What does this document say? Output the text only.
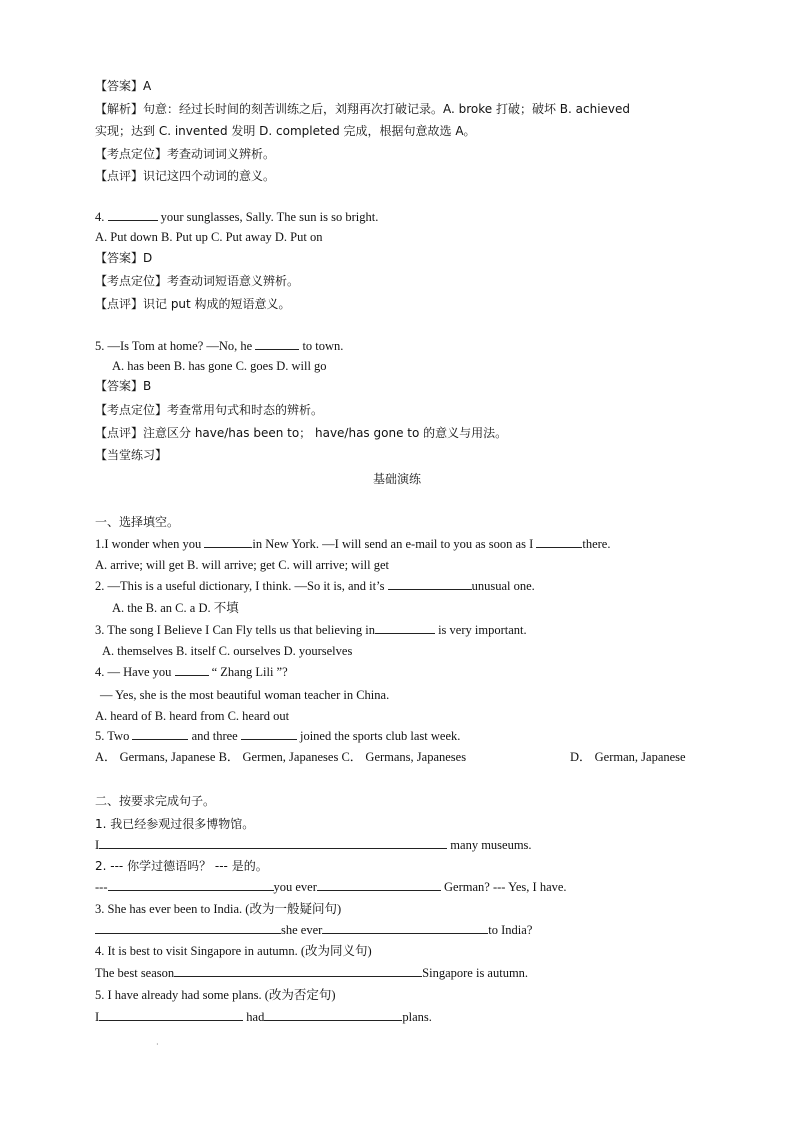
【答案】A
【解析】句意：经过长时间的刻苦训练之后，刘翔再次打破记录。A. broke 打破；破坏 B. achieved
实现；达到 C. invented 发明 D. completed 完成，根据句意故选 A。
【考点定位】考查动词词义辨析。
【点评】识记这四个动词的意义。
4.	your sunglasses, Sally. The sun is so bright.
A. Put down B. Put up C. Put away D. Put on
【答案】D
【考点定位】考查动词短语意义辨析。
【点评】识记 put 构成的短语意义。
5. —Is Tom at home? —No, he	to town.
A. has been B. has gone C. goes D. will go
【答案】B
【考点定位】考查常用句式和时态的辨析。
【点评】注意区分 have/has been to； have/has gone to 的意义与用法。
【当堂练习】
基础演练
一、选择填空。
1.I wonder when you	in New York. —I will send an e-mail to you as soon as I	there.
A. arrive; will get B. will arrive; get C. will arrive; will get
2. —This is a useful dictionary, I think. —So it is, and it’s	unusual one.
A. the B. an C. a D. 不填
3. The song I Believe I Can Fly tells us that believing in	is very important.
A. themselves B. itself C. ourselves D. yourselves
4. — Have you	“ Zhang Lili ”?
— Yes, she is the most beautiful woman teacher in China.
A. heard of B. heard from C. heard out
5. Two	and three	joined the sports club last week.
A． Germans, Japanese B． Germen, Japaneses C． Germans, Japaneses	D． German, Japanese
二、按要求完成句子。
1. 我已经参观过很多博物馆。
I	many museums.
2. --- 你学过德语吗？ --- 是的。
---	you ever	German? --- Yes, I have.
3. She has ever been to India. (改为一般疑问句)
she ever	to India?
4. It is best to visit Singapore in autumn. (改为同义句)
The best season	Singapore is autumn.
5. I have already had some plans. (改为否定句)
I	had	plans.
·
